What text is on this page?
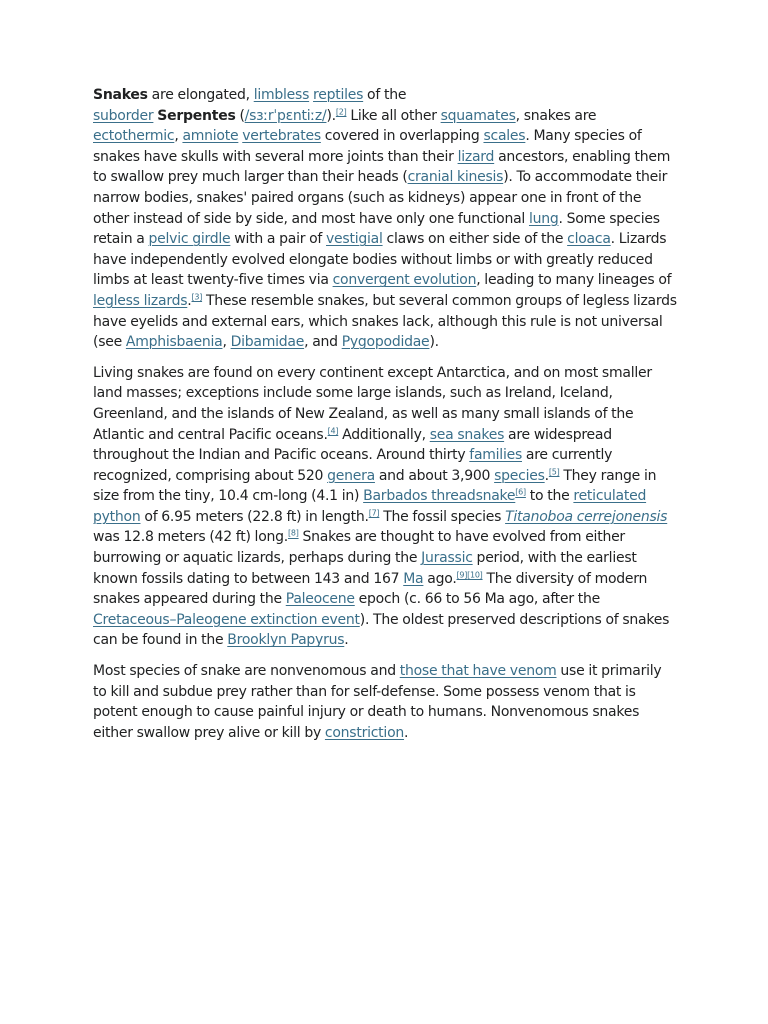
Snakes are elongated, limbless reptiles of the
suborder Serpentes (/sɜːrˈpɛntiːz/).[2] Like all other squamates, snakes are ectothermic, amniote vertebrates covered in overlapping scales. Many species of snakes have skulls with several more joints than their lizard ancestors, enabling them to swallow prey much larger than their heads (cranial kinesis). To accommodate their narrow bodies, snakes' paired organs (such as kidneys) appear one in front of the other instead of side by side, and most have only one functional lung. Some species retain a pelvic girdle with a pair of vestigial claws on either side of the cloaca. Lizards have independently evolved elongate bodies without limbs or with greatly reduced limbs at least twenty-five times via convergent evolution, leading to many lineages of legless lizards.[3] These resemble snakes, but several common groups of legless lizards have eyelids and external ears, which snakes lack, although this rule is not universal (see Amphisbaenia, Dibamidae, and Pygopodidae).

Living snakes are found on every continent except Antarctica, and on most smaller land masses; exceptions include some large islands, such as Ireland, Iceland, Greenland, and the islands of New Zealand, as well as many small islands of the Atlantic and central Pacific oceans.[4] Additionally, sea snakes are widespread throughout the Indian and Pacific oceans. Around thirty families are currently recognized, comprising about 520 genera and about 3,900 species.[5] They range in size from the tiny, 10.4 cm-long (4.1 in) Barbados threadsnake[6] to the reticulated python of 6.95 meters (22.8 ft) in length.[7] The fossil species Titanoboa cerrejonensis was 12.8 meters (42 ft) long.[8] Snakes are thought to have evolved from either burrowing or aquatic lizards, perhaps during the Jurassic period, with the earliest known fossils dating to between 143 and 167 Ma ago.[9][10] The diversity of modern snakes appeared during the Paleocene epoch (c. 66 to 56 Ma ago, after the Cretaceous–Paleogene extinction event). The oldest preserved descriptions of snakes can be found in the Brooklyn Papyrus.

Most species of snake are nonvenomous and those that have venom use it primarily to kill and subdue prey rather than for self-defense. Some possess venom that is potent enough to cause painful injury or death to humans. Nonvenomous snakes either swallow prey alive or kill by constriction.
